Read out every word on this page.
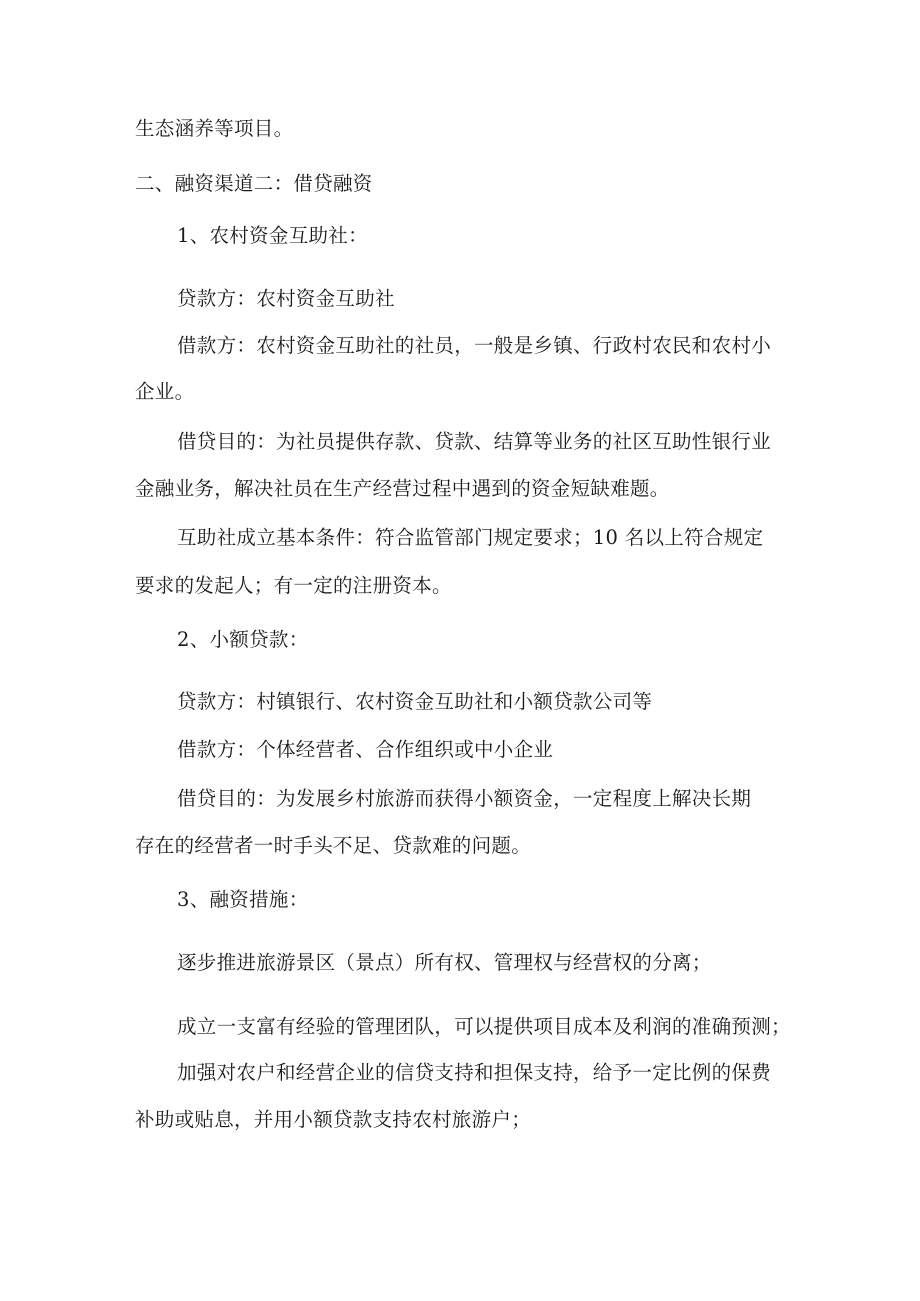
生态涵养等项目。
二、融资渠道二：借贷融资
1、农村资金互助社：
贷款方：农村资金互助社
借款方：农村资金互助社的社员，一般是乡镇、行政村农民和农村小
企业。
借贷目的：为社员提供存款、贷款、结算等业务的社区互助性银行业
金融业务，解决社员在生产经营过程中遇到的资金短缺难题。
互助社成立基本条件：符合监管部门规定要求；10 名以上符合规定
要求的发起人；有一定的注册资本。
2、小额贷款：
贷款方：村镇银行、农村资金互助社和小额贷款公司等
借款方：个体经营者、合作组织或中小企业
借贷目的：为发展乡村旅游而获得小额资金，一定程度上解决长期
存在的经营者一时手头不足、贷款难的问题。
3、融资措施：
逐步推进旅游景区（景点）所有权、管理权与经营权的分离；
成立一支富有经验的管理团队，可以提供项目成本及利润的准确预测；
加强对农户和经营企业的信贷支持和担保支持，给予一定比例的保费
补助或贴息，并用小额贷款支持农村旅游户；
